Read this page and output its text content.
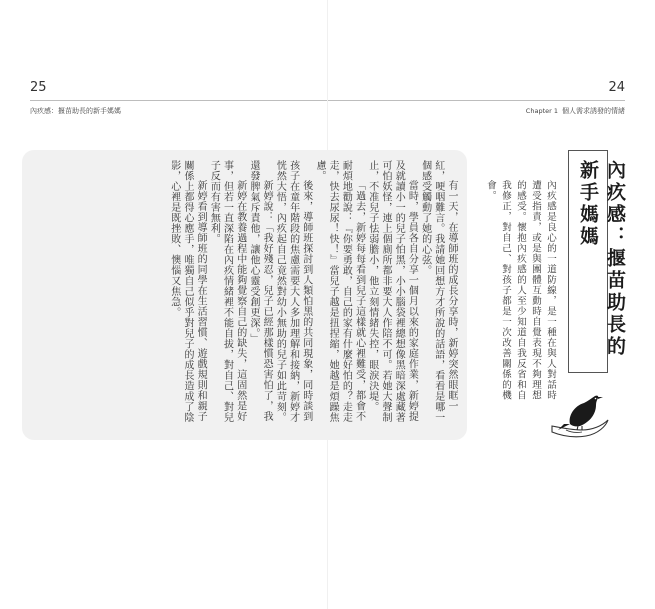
25
內疚感：揠苗助長的新手媽媽
24
Chapter 1 個人需求誘發的情緒

有一天，在導師班的成長分享時，新婷突然眼眶一紅，哽咽難言。我請她回想方才所說的話語，看看是哪一個感受觸動了她的心弦。

當時，學員各自分享一個月以來的家庭作業，新婷提及就讀小一的兒子怕黑，小小腦袋裡總想像黑暗深處藏著可怕妖怪，連上個廁所都非要大人作陪不可。若她大聲制止，不准兒子怯弱膽小，他立刻情緒失控，眼淚決堤。

「過去，新婷每每看到兒子這樣就心裡難受，都會不耐煩地勸說：『你要勇敢，自己的家有什麼好怕的？走走走，快去尿尿！快！』當兒子越是扭捏縮，她越是煩躁焦慮。

後來，導師班探討到人類怕黑的共同現象，同時談到孩子在童年階段的焦慮需要大人多加理解和接納，新婷才恍然大悟，內疚起自己竟然對幼小無助的兒子如此苛刻。

新婷說：「我好殘忍，兒子已經那樣慣恐害怕了，我還發脾氣斥責他，讓他心靈受創更深。」

新婷在教養過程中能夠覺察自己的缺失，這固然是好事，但若一直深陷在內疚情緒裡不能自拔，對自己、對兒子反而有害無利。

新婷看到導師班的同學在生活習慣、遊戲規則和親子關係上都得心應手，唯獨自己似乎對兒子的成長造成了陰影，心裡是既挫敗、懊惱又焦急。	內疚感：揠苗助長的新手媽媽
內疚感是良心的一道防線，是一種在與人對話時遭受指責，或是與團體互動時自覺表現不夠理想的感受。懷抱內疚感的人至少知道自我反省和自我修正，對自己、對孩子都是一次改善關係的機會。
